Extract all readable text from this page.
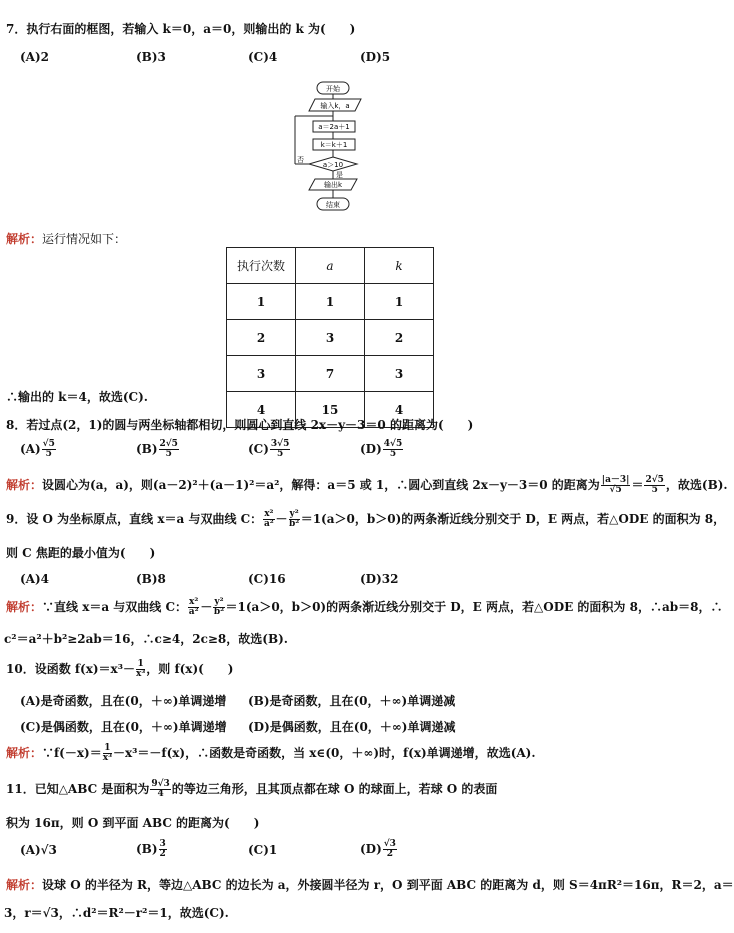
7．执行右面的框图，若输入 k＝0，a＝0，则输出的 k 为(　　)
(A)2	(B)3	(C)4	(D)5
开始
输入k，a
a＝2a＋1
k＝k＋1
a＞10
否
是
输出k
结束
解析：运行情况如下：
执行次数	a	k
1	1	1
2	3	2
3	7	3
4	15	4
∴输出的 k＝4，故选(C).
8．若过点(2，1)的圆与两坐标轴都相切，则圆心到直线 2x－y－3＝0 的距离为(　　)
$(A) \frac{√5}{5}$	$(B) \frac{2√5}{5}$	$(C) \frac{3√5}{5}$	$(D) \frac{4√5}{5}$
解析：设圆心为(a，a)，则(a－2)²＋(a－1)²＝a²，解得：a＝5 或 1，∴圆心到直线 2x－y－3＝0 的距离为 $\frac{|a-3|}{√5} = \frac{2√5}{5}$ ，故选(B).
9．设 O 为坐标原点，直线 x＝a 与双曲线 C： $\frac{\text{x²}}{\text{a²}} - \frac{\text{y²}}{\text{b²}} =1(a>0$，b＞0)的两条渐近线分别交于 D，E 两点，若△ODE 的面积为 8，
则 C 焦距的最小值为(　　)
(A)4	(B)8	(C)16	(D)32
解析：∵直线 x＝a 与双曲线 C： $\frac{\text{x²}}{\text{a²}} - \frac{\text{y²}}{\text{b²}} =1(a>0$，b＞0)的两条渐近线分别交于 D，E 两点，若△ODE 的面积为 8，∴ab＝8，∴
c²＝a²＋b²≥2ab＝16，∴c≥4，2c≥8，故选(B).
10．设函数 $f(x)=x^3- \frac{1}{\text{x³}}$ ，则 f(x)(　　)
(A)是奇函数，且在(0，＋∞)单调递增 (B)是奇函数，且在(0，＋∞)单调递减
(C)是偶函数，且在(0，＋∞)单调递增 (D)是偶函数，且在(0，＋∞)单调递减
解析：∵f(－x)＝ $\frac{1}{\text{x³}} -x^3=-f(x)$，∴函数是奇函数，当 x∈(0，＋∞)时，f(x)单调递增，故选(A).
11．已知△ABC 是面积为 $\frac{9√3}{4}$ 的等边三角形，且其顶点都在球 O 的球面上，若球 O 的表面
积为 16π，则 O 到平面 ABC 的距离为(　　)
(A)√3	$(B) \frac{3}{2}$	(C)1	$(D) \frac{√3}{2}$
解析：设球 O 的半径为 R，等边△ABC 的边长为 a，外接圆半径为 r，O 到平面 ABC 的距离为 d，则 S＝4πR²＝16π，R＝2，a＝
3，r＝√3，∴d²＝R²－r²＝1，故选(C).
